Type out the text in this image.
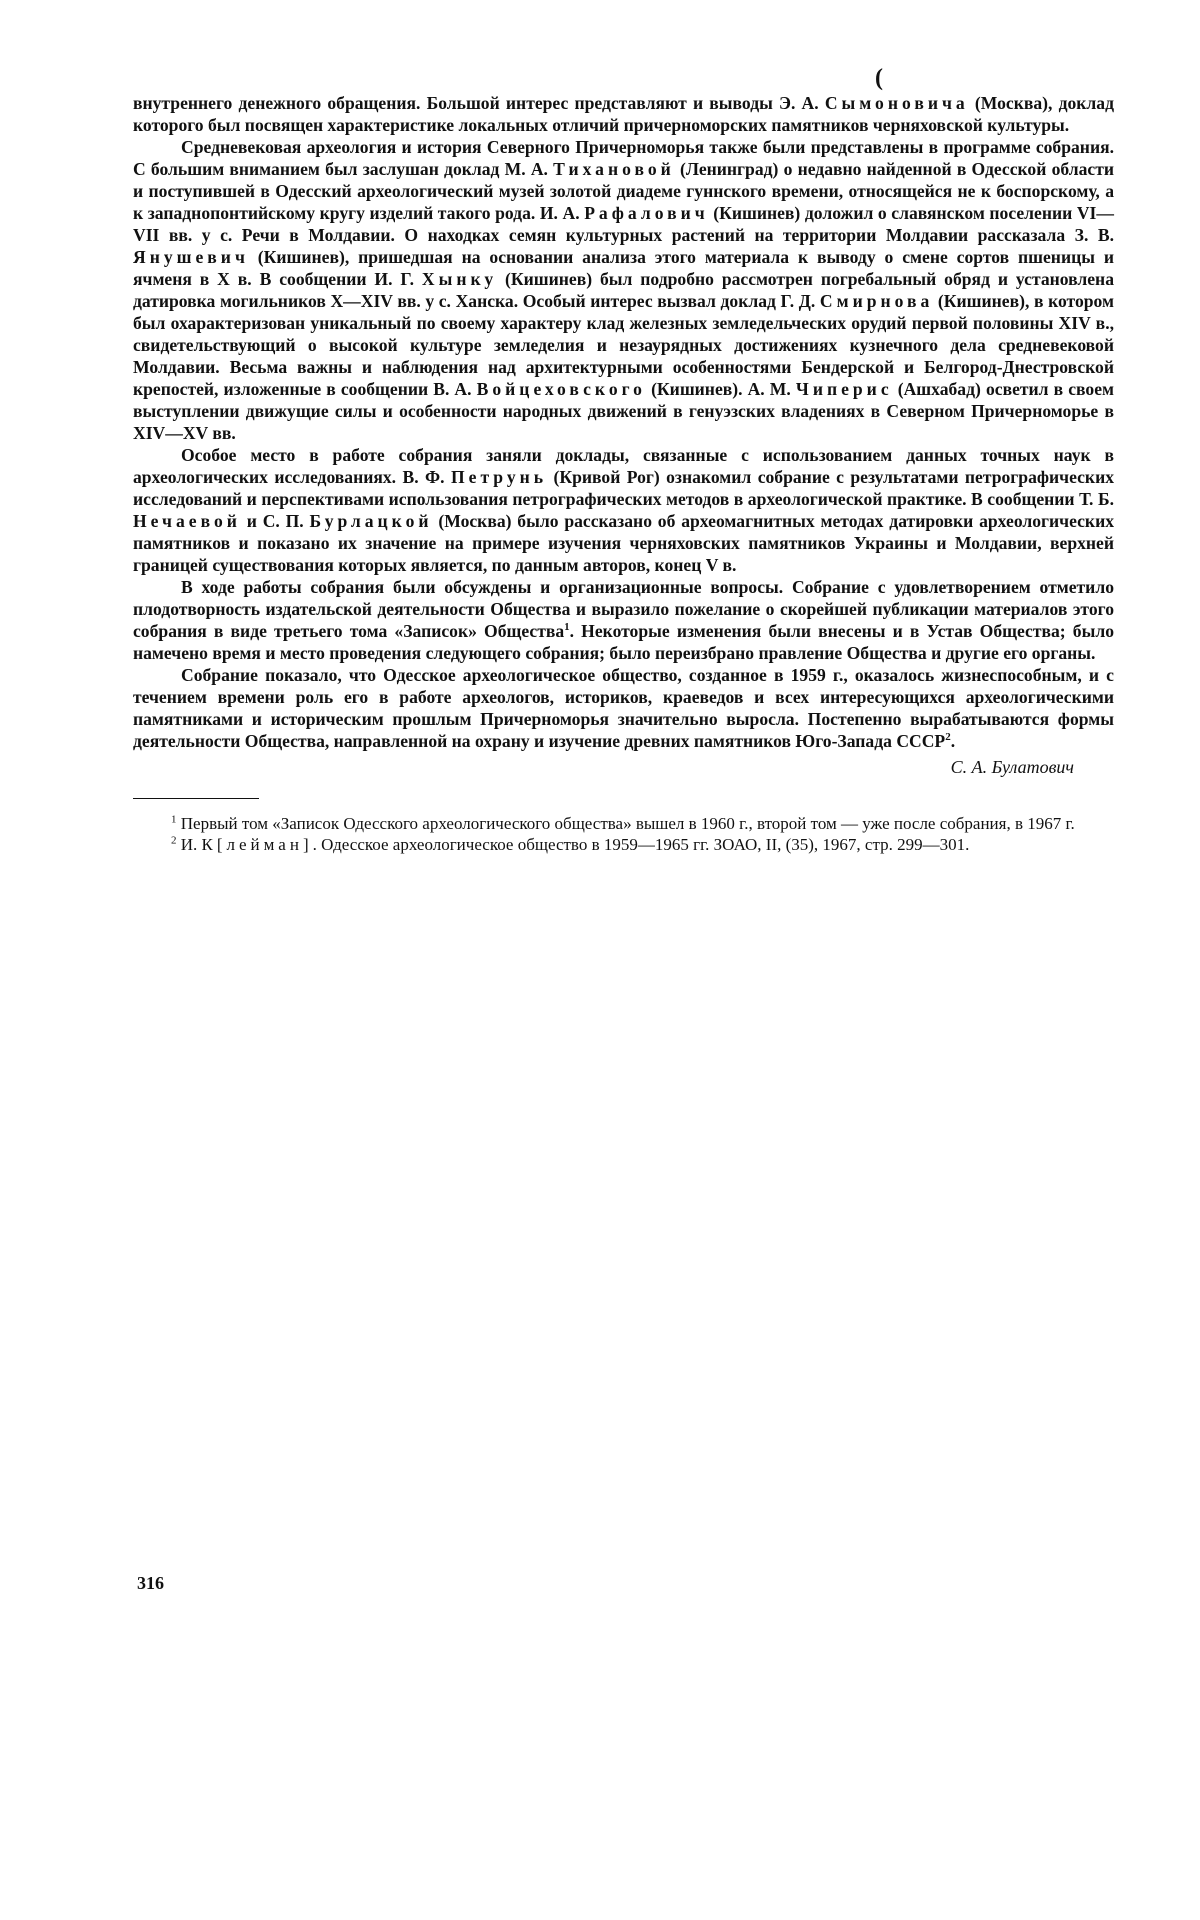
(

внутреннего денежного обращения. Большой интерес представляют и выводы Э. А. Сымоновича (Москва), доклад которого был посвящен характеристике локальных отличий причерноморских памятников черняховской культуры.

Средневековая археология и история Северного Причерноморья также были представлены в программе собрания. С большим вниманием был заслушан доклад М. А. Тихановой (Ленинград) о недавно найденной в Одесской области и поступившей в Одесский археологический музей золотой диадеме гуннского времени, относящейся не к боспорскому, а к западнопонтийскому кругу изделий такого рода. И. А. Рафалович (Кишинев) доложил о славянском поселении VI—VII вв. у с. Речи в Молдавии. О находках семян культурных растений на территории Молдавии рассказала З. В. Янушевич (Кишинев), пришедшая на основании анализа этого материала к выводу о смене сортов пшеницы и ячменя в X в. В сообщении И. Г. Хынку (Кишинев) был подробно рассмотрен погребальный обряд и установлена датировка могильников X—XIV вв. у с. Ханска. Особый интерес вызвал доклад Г. Д. Смирнова (Кишинев), в котором был охарактеризован уникальный по своему характеру клад железных земледельческих орудий первой половины XIV в., свидетельствующий о высокой культуре земледелия и незаурядных достижениях кузнечного дела средневековой Молдавии. Весьма важны и наблюдения над архитектурными особенностями Бендерской и Белгород-Днестровской крепостей, изложенные в сообщении В. А. Войцеховского (Кишинев). А. М. Чиперис (Ашхабад) осветил в своем выступлении движущие силы и особенности народных движений в генуэзских владениях в Северном Причерноморье в XIV—XV вв.

Особое место в работе собрания заняли доклады, связанные с использованием данных точных наук в археологических исследованиях. В. Ф. Петрунь (Кривой Рог) ознакомил собрание с результатами петрографических исследований и перспективами использования петрографических методов в археологической практике. В сообщении Т. Б. Нечаевой и С. П. Бурлацкой (Москва) было рассказано об археомагнитных методах датировки археологических памятников и показано их значение на примере изучения черняховских памятников Украины и Молдавии, верхней границей существования которых является, по данным авторов, конец V в.

В ходе работы собрания были обсуждены и организационные вопросы. Собрание с удовлетворением отметило плодотворность издательской деятельности Общества и выразило пожелание о скорейшей публикации материалов этого собрания в виде третьего тома «Записок» Общества$^1$. Некоторые изменения были внесены и в Устав Общества; было намечено время и место проведения следующего собрания; было переизбрано правление Общества и другие его органы.

Собрание показало, что Одесское археологическое общество, созданное в 1959 г., оказалось жизнеспособным, и с течением времени роль его в работе археологов, историков, краеведов и всех интересующихся археологическими памятниками и историческим прошлым Причерноморья значительно выросла. Постепенно вырабатываются формы деятельности Общества, направленной на охрану и изучение древних памятников Юго-Запада СССР$^2$.

С. А. Булатович

$^1$ Первый том «Записок Одесского археологического общества» вышел в 1960 г., второй том — уже после собрания, в 1967 г.

$^2$ И. К[лейман]. Одесское археологическое общество в 1959—1965 гг. ЗОАО, II, (35), 1967, стр. 299—301.

316
